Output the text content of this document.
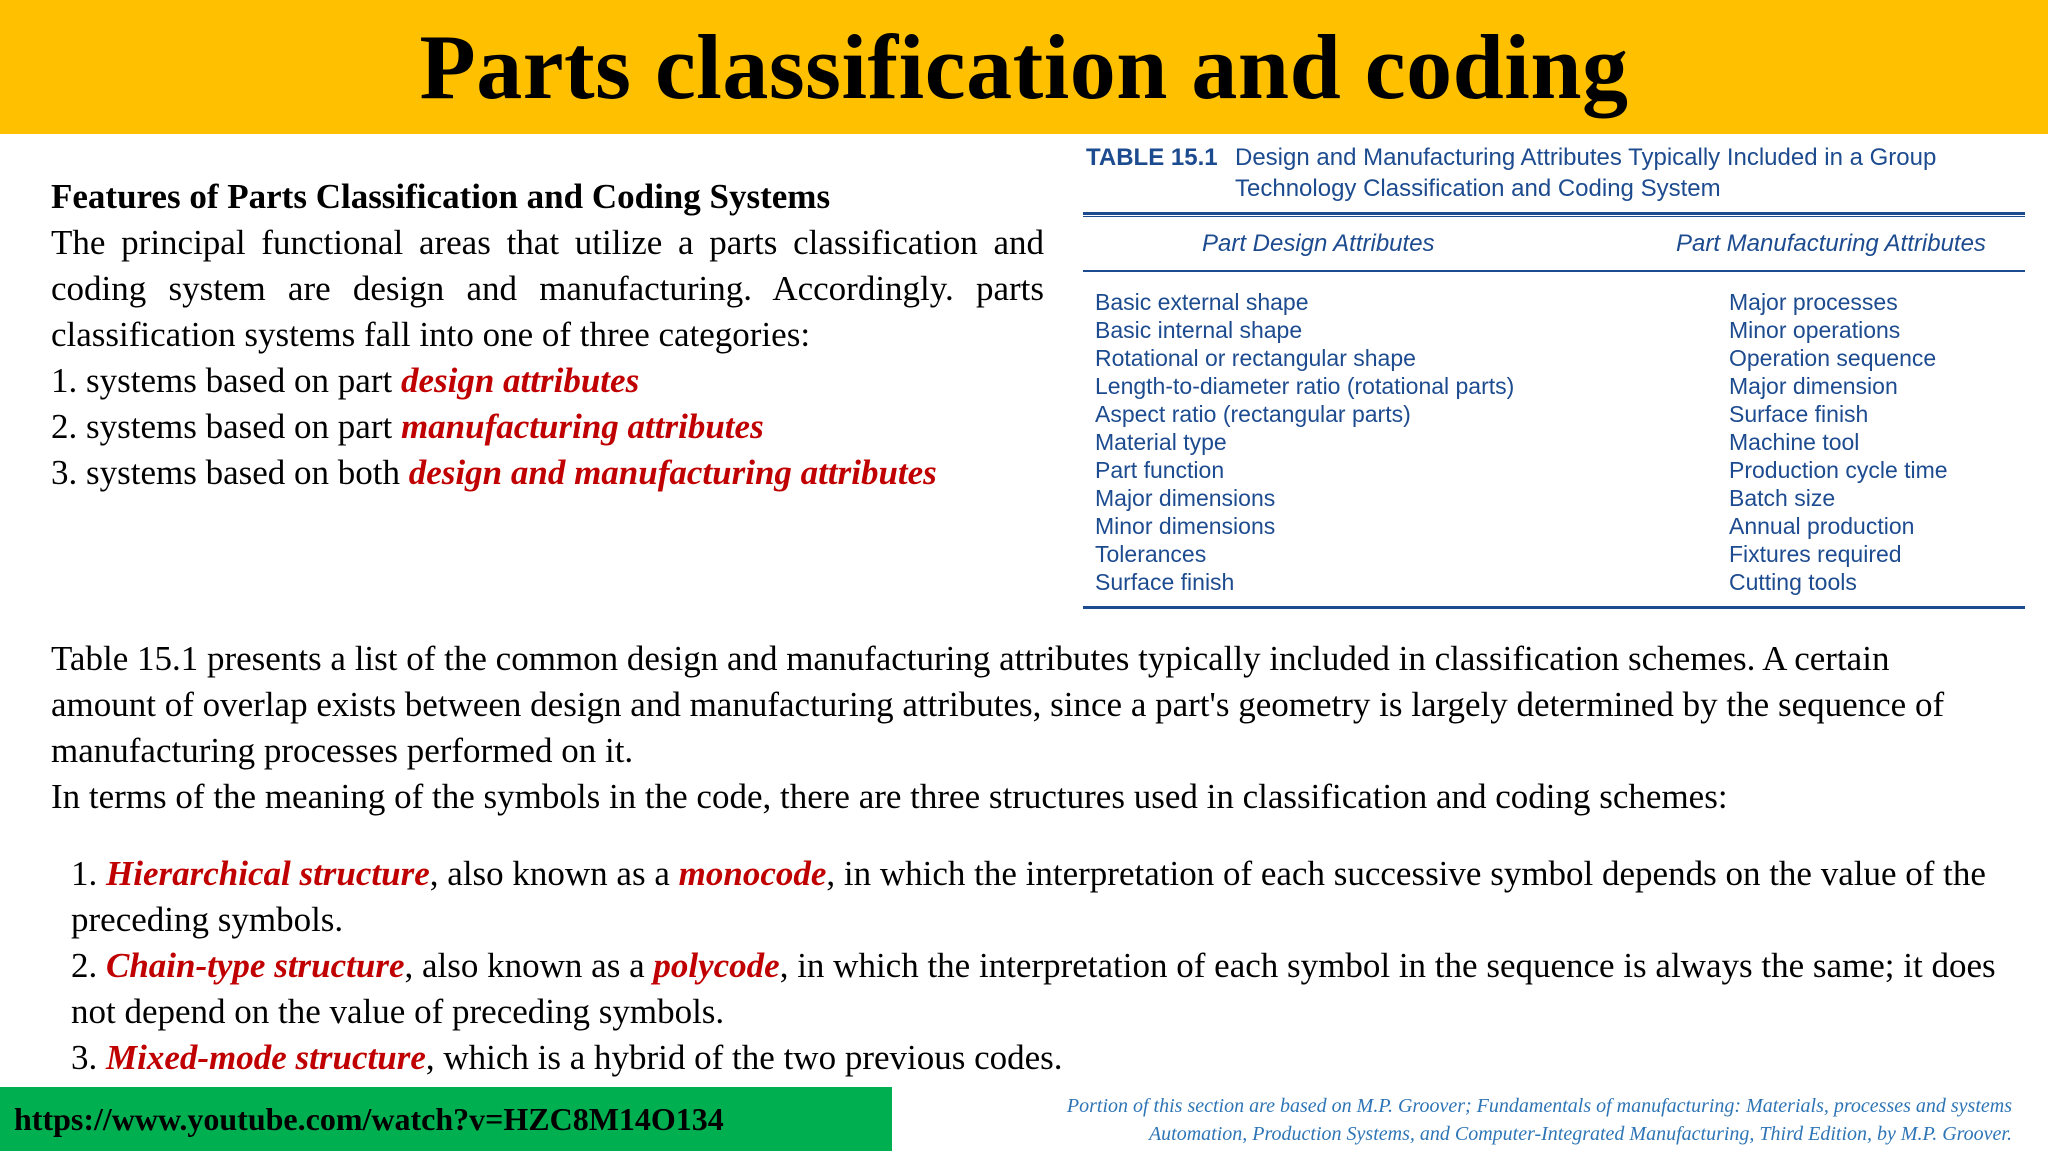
Parts classification and coding
Features of Parts Classification and Coding Systems
The principal functional areas that utilize a parts classification and coding system are design and manufacturing. Accordingly. parts classification systems fall into one of three categories:
1. systems based on part design attributes
2. systems based on part manufacturing attributes
3. systems based on both design and manufacturing attributes
TABLE 15.1 Design and Manufacturing Attributes Typically Included in a Group
Technology Classification and Coding System
Part Design Attributes	Part Manufacturing Attributes
Basic external shape
Basic internal shape
Rotational or rectangular shape
Length-to-diameter ratio (rotational parts)
Aspect ratio (rectangular parts)
Material type
Part function
Major dimensions
Minor dimensions
Tolerances
Surface finish
Major processes
Minor operations
Operation sequence
Major dimension
Surface finish
Machine tool
Production cycle time
Batch size
Annual production
Fixtures required
Cutting tools
Table 15.1 presents a list of the common design and manufacturing attributes typically included in classification schemes. A certain amount of overlap exists between design and manufacturing attributes, since a part's geometry is largely determined by the sequence of manufacturing processes performed on it.
In terms of the meaning of the symbols in the code, there are three structures used in classification and coding schemes:
1. Hierarchical structure, also known as a monocode, in which the interpretation of each successive symbol depends on the value of the preceding symbols.
2. Chain-type structure, also known as a polycode, in which the interpretation of each symbol in the sequence is always the same; it does not depend on the value of preceding symbols.
3. Mixed-mode structure, which is a hybrid of the two previous codes.
https://www.youtube.com/watch?v=HZC8M14O134	Portion of this section are based on M.P. Groover; Fundamentals of manufacturing: Materials, processes and systems
Automation, Production Systems, and Computer-Integrated Manufacturing, Third Edition, by M.P. Groover.
